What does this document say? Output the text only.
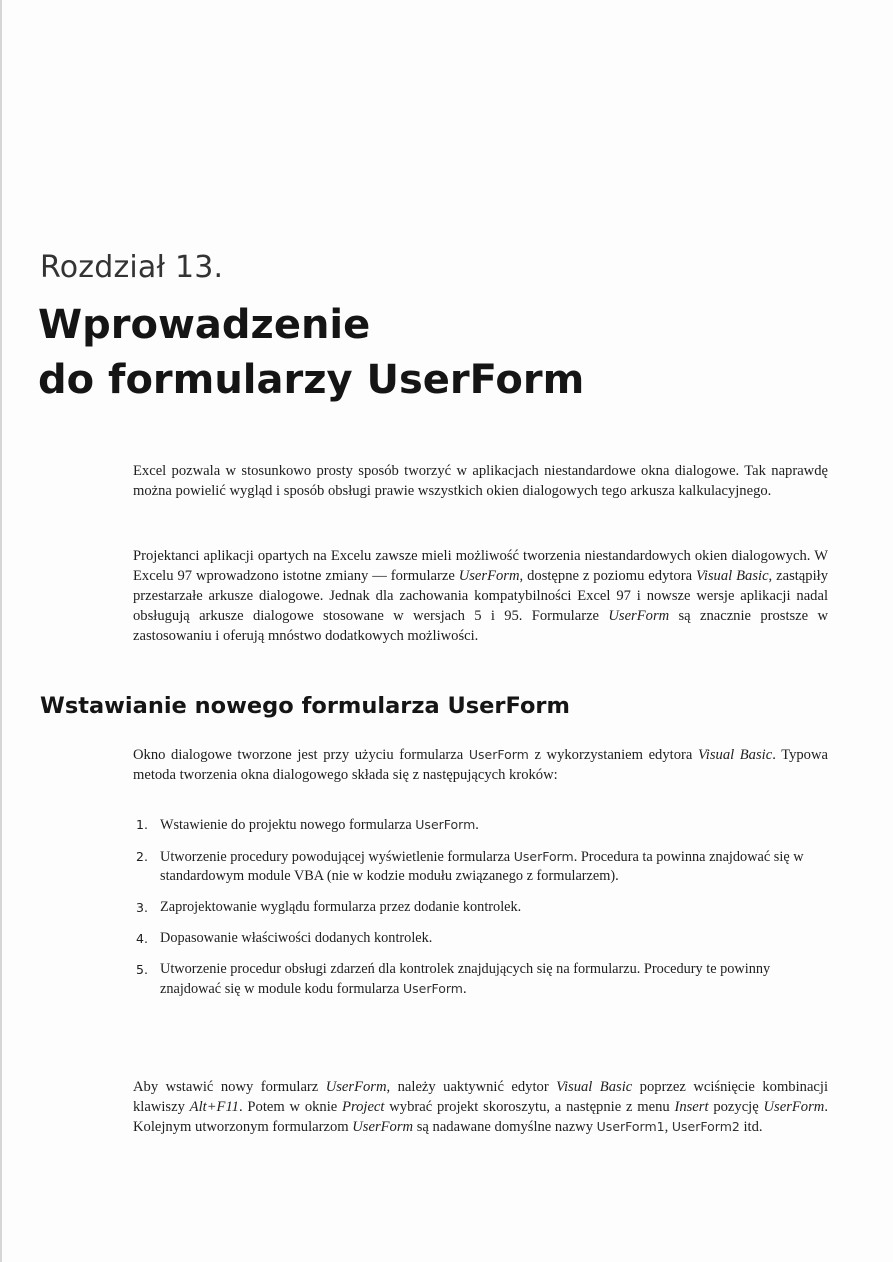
Rozdział 13.
Wprowadzenie
do formularzy UserForm

Excel pozwala w stosunkowo prosty sposób tworzyć w aplikacjach niestandardowe okna dialogowe. Tak naprawdę można powielić wygląd i sposób obsługi prawie wszystkich okien dialogowych tego arkusza kalkulacyjnego.

Projektanci aplikacji opartych na Excelu zawsze mieli możliwość tworzenia niestandardowych okien dialogowych. W Excelu 97 wprowadzono istotne zmiany — formularze UserForm, dostępne z poziomu edytora Visual Basic, zastąpiły przestarzałe arkusze dialogowe. Jednak dla zachowania kompatybilności Excel 97 i nowsze wersje aplikacji nadal obsługują arkusze dialogowe stosowane w wersjach 5 i 95. Formularze UserForm są znacznie prostsze w zastosowaniu i oferują mnóstwo dodatkowych możliwości.

Wstawianie nowego formularza UserForm

Okno dialogowe tworzone jest przy użyciu formularza UserForm z wykorzystaniem edytora Visual Basic. Typowa metoda tworzenia okna dialogowego składa się z następujących kroków:

1. Wstawienie do projektu nowego formularza UserForm.
2. Utworzenie procedury powodującej wyświetlenie formularza UserForm. Procedura ta powinna znajdować się w standardowym module VBA (nie w kodzie modułu związanego z formularzem).
3. Zaprojektowanie wyglądu formularza przez dodanie kontrolek.
4. Dopasowanie właściwości dodanych kontrolek.
5. Utworzenie procedur obsługi zdarzeń dla kontrolek znajdujących się na formularzu. Procedury te powinny znajdować się w module kodu formularza UserForm.

Aby wstawić nowy formularz UserForm, należy uaktywnić edytor Visual Basic poprzez wciśnięcie kombinacji klawiszy Alt+F11. Potem w oknie Project wybrać projekt skoroszytu, a następnie z menu Insert pozycję UserForm. Kolejnym utworzonym formularzom UserForm są nadawane domyślne nazwy UserForm1, UserForm2 itd.
